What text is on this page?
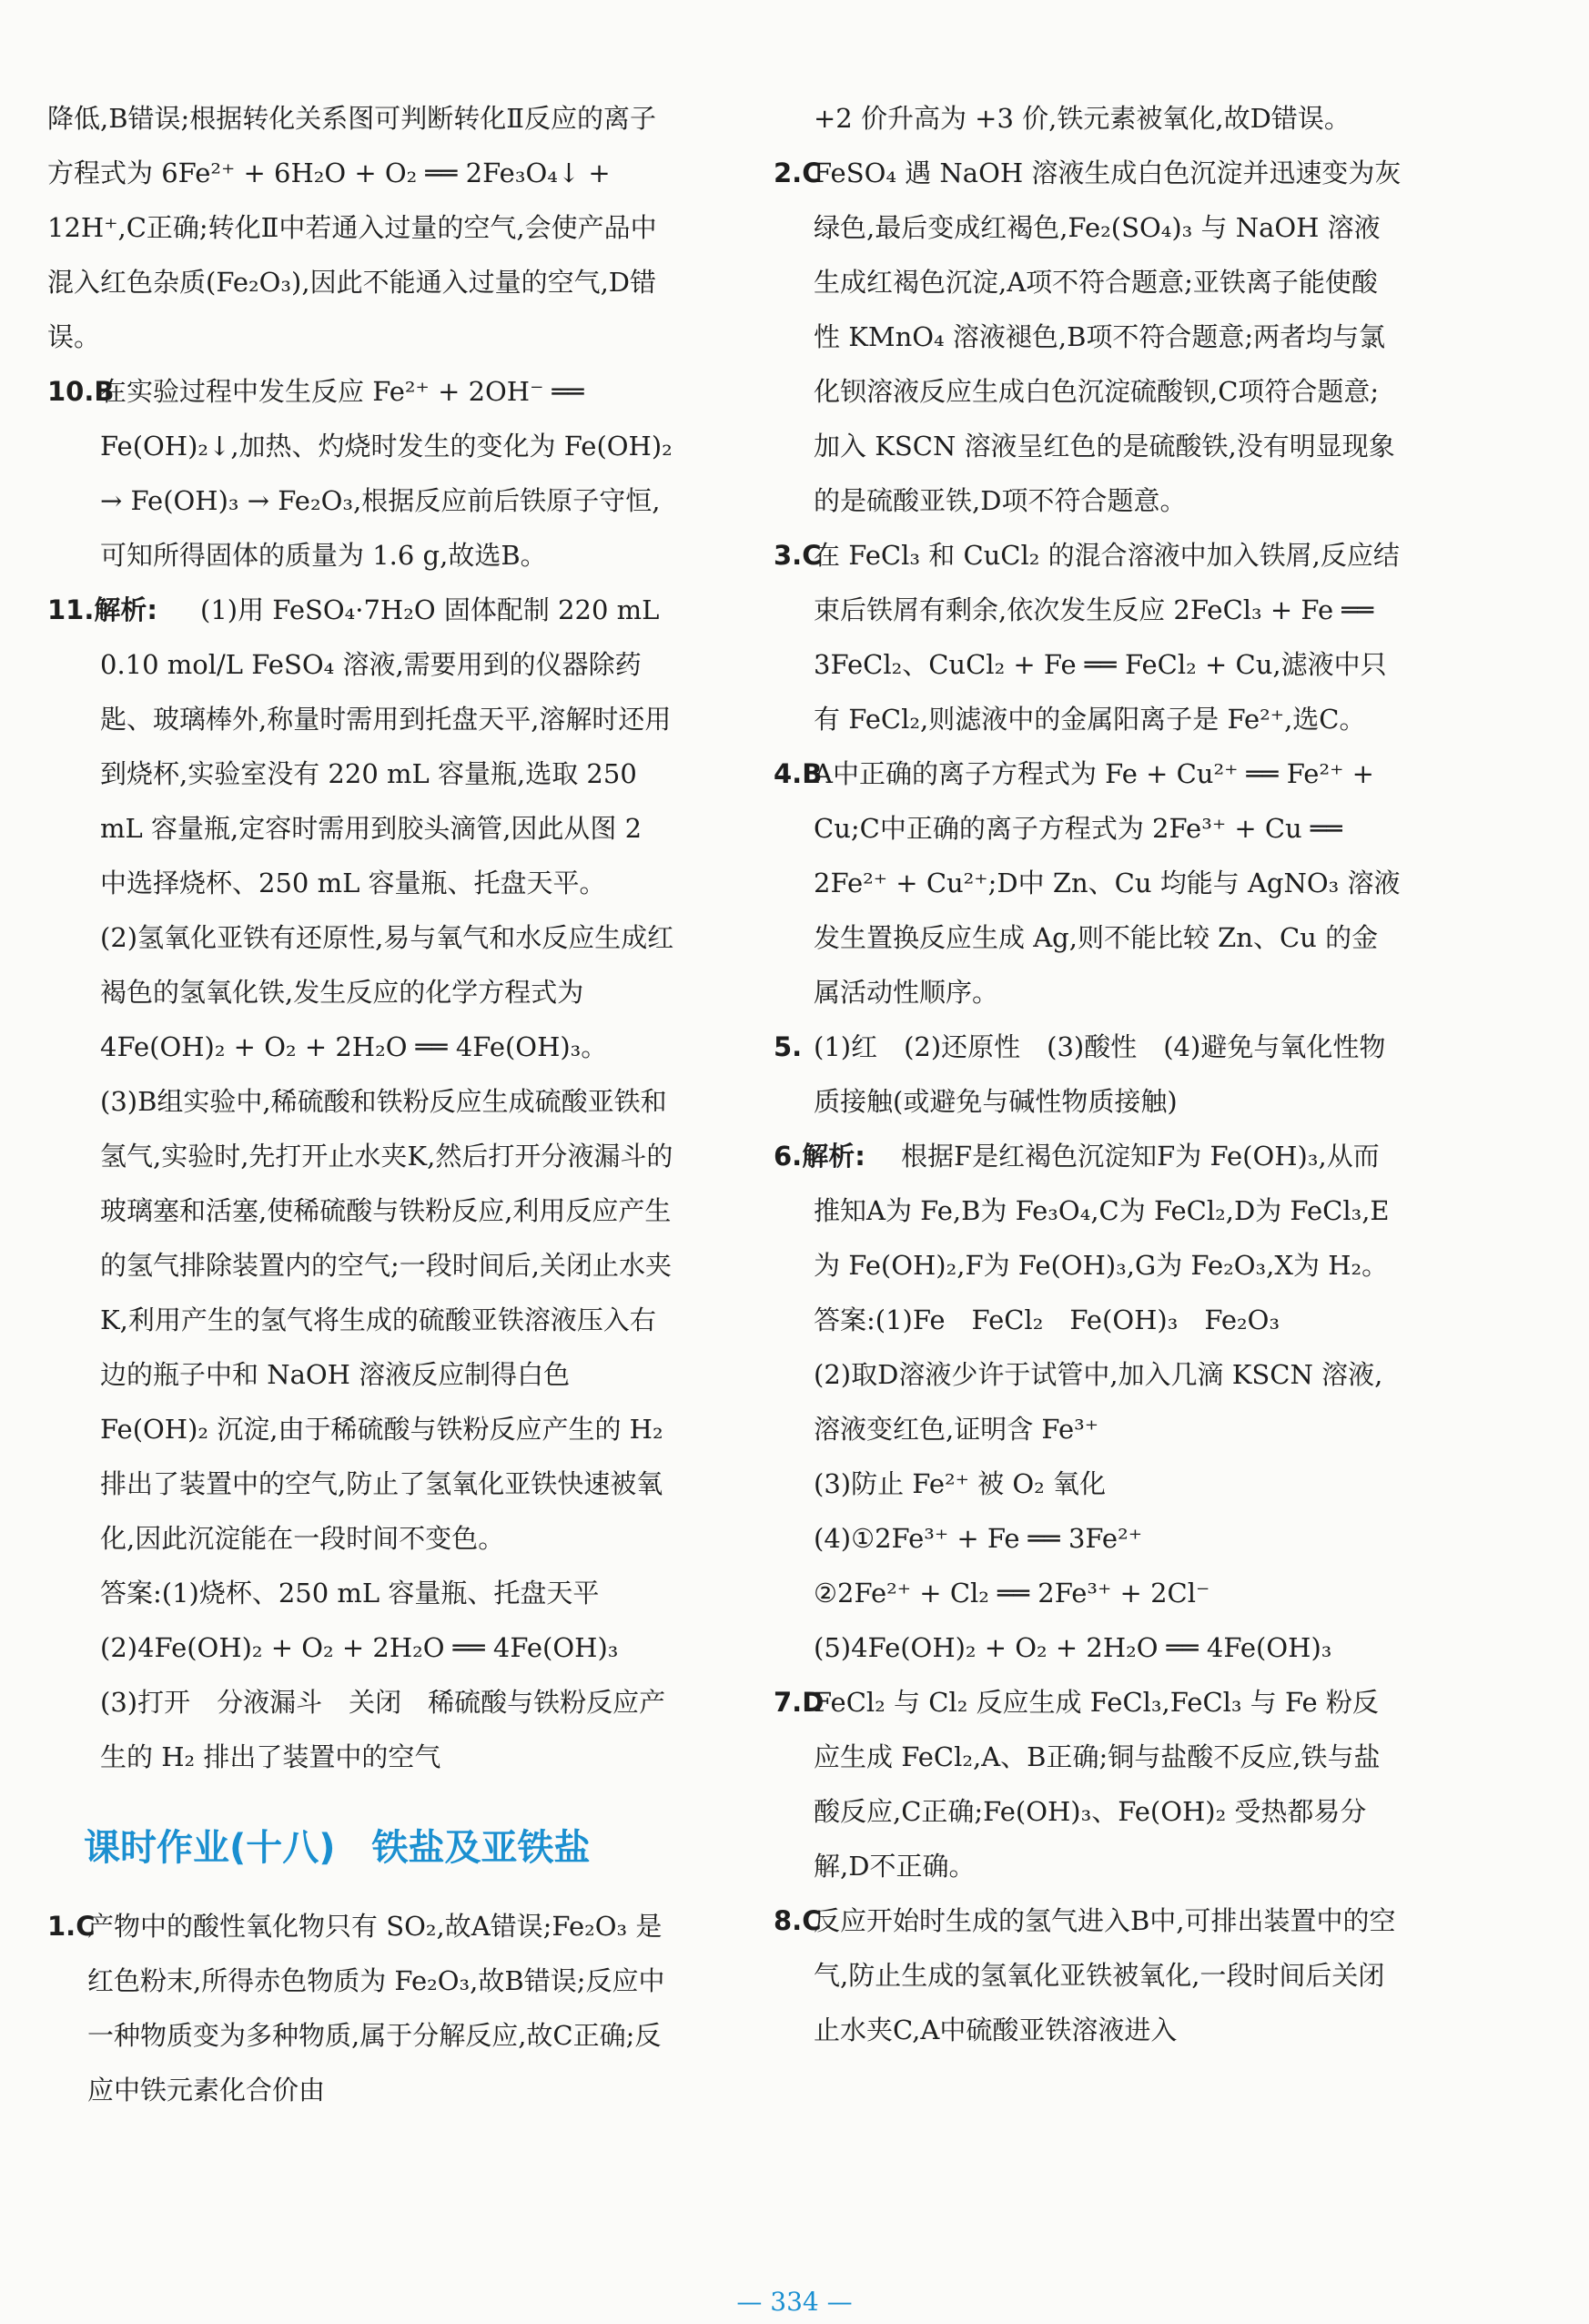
降低,B错误;根据转化关系图可判断转化Ⅱ反应的离子方程式为 6Fe²⁺ + 6H₂O + O₂ ══ 2Fe₃O₄↓ + 12H⁺,C正确;转化Ⅱ中若通入过量的空气,会使产品中混入红色杂质(Fe₂O₃),因此不能通入过量的空气,D错误。
10.B
在实验过程中发生反应 Fe²⁺ + 2OH⁻ ══ Fe(OH)₂↓,加热、灼烧时发生的变化为 Fe(OH)₂ → Fe(OH)₃ → Fe₂O₃,根据反应前后铁原子守恒,可知所得固体的质量为 1.6 g,故选B。
11.解析: (1)用 FeSO₄·7H₂O 固体配制 220 mL 0.10 mol/L FeSO₄ 溶液,需要用到的仪器除药匙、玻璃棒外,称量时需用到托盘天平,溶解时还用到烧杯,实验室没有 220 mL 容量瓶,选取 250 mL 容量瓶,定容时需用到胶头滴管,因此从图 2 中选择烧杯、250 mL 容量瓶、托盘天平。
(2)氢氧化亚铁有还原性,易与氧气和水反应生成红褐色的氢氧化铁,发生反应的化学方程式为 4Fe(OH)₂ + O₂ + 2H₂O ══ 4Fe(OH)₃。
(3)B组实验中,稀硫酸和铁粉反应生成硫酸亚铁和氢气,实验时,先打开止水夹K,然后打开分液漏斗的玻璃塞和活塞,使稀硫酸与铁粉反应,利用反应产生的氢气排除装置内的空气;一段时间后,关闭止水夹K,利用产生的氢气将生成的硫酸亚铁溶液压入右边的瓶子中和 NaOH 溶液反应制得白色 Fe(OH)₂ 沉淀,由于稀硫酸与铁粉反应产生的 H₂ 排出了装置中的空气,防止了氢氧化亚铁快速被氧化,因此沉淀能在一段时间不变色。
答案:(1)烧杯、250 mL 容量瓶、托盘天平
(2)4Fe(OH)₂ + O₂ + 2H₂O ══ 4Fe(OH)₃
(3)打开　分液漏斗　关闭　稀硫酸与铁粉反应产生的 H₂ 排出了装置中的空气
课时作业(十八)　铁盐及亚铁盐
1.C
产物中的酸性氧化物只有 SO₂,故A错误;Fe₂O₃ 是红色粉末,所得赤色物质为 Fe₂O₃,故B错误;反应中一种物质变为多种物质,属于分解反应,故C正确;反应中铁元素化合价由
+2 价升高为 +3 价,铁元素被氧化,故D错误。
2.C
FeSO₄ 遇 NaOH 溶液生成白色沉淀并迅速变为灰绿色,最后变成红褐色,Fe₂(SO₄)₃ 与 NaOH 溶液生成红褐色沉淀,A项不符合题意;亚铁离子能使酸性 KMnO₄ 溶液褪色,B项不符合题意;两者均与氯化钡溶液反应生成白色沉淀硫酸钡,C项符合题意;加入 KSCN 溶液呈红色的是硫酸铁,没有明显现象的是硫酸亚铁,D项不符合题意。
3.C
在 FeCl₃ 和 CuCl₂ 的混合溶液中加入铁屑,反应结束后铁屑有剩余,依次发生反应 2FeCl₃ + Fe ══ 3FeCl₂、CuCl₂ + Fe ══ FeCl₂ + Cu,滤液中只有 FeCl₂,则滤液中的金属阳离子是 Fe²⁺,选C。
4.B
A中正确的离子方程式为 Fe + Cu²⁺ ══ Fe²⁺ + Cu;C中正确的离子方程式为 2Fe³⁺ + Cu ══ 2Fe²⁺ + Cu²⁺;D中 Zn、Cu 均能与 AgNO₃ 溶液发生置换反应生成 Ag,则不能比较 Zn、Cu 的金属活动性顺序。
5. (1)红　(2)还原性　(3)酸性　(4)避免与氧化性物质接触(或避免与碱性物质接触)
6.解析: 根据F是红褐色沉淀知F为 Fe(OH)₃,从而推知A为 Fe,B为 Fe₃O₄,C为 FeCl₂,D为 FeCl₃,E为 Fe(OH)₂,F为 Fe(OH)₃,G为 Fe₂O₃,X为 H₂。
答案:(1)Fe　FeCl₂　Fe(OH)₃　Fe₂O₃
(2)取D溶液少许于试管中,加入几滴 KSCN 溶液,溶液变红色,证明含 Fe³⁺
(3)防止 Fe²⁺ 被 O₂ 氧化
(4)①2Fe³⁺ + Fe ══ 3Fe²⁺
②2Fe²⁺ + Cl₂ ══ 2Fe³⁺ + 2Cl⁻
(5)4Fe(OH)₂ + O₂ + 2H₂O ══ 4Fe(OH)₃
7.D
FeCl₂ 与 Cl₂ 反应生成 FeCl₃,FeCl₃ 与 Fe 粉反应生成 FeCl₂,A、B正确;铜与盐酸不反应,铁与盐酸反应,C正确;Fe(OH)₃、Fe(OH)₂ 受热都易分解,D不正确。
8.C
反应开始时生成的氢气进入B中,可排出装置中的空气,防止生成的氢氧化亚铁被氧化,一段时间后关闭止水夹C,A中硫酸亚铁溶液进入
— 334 —
